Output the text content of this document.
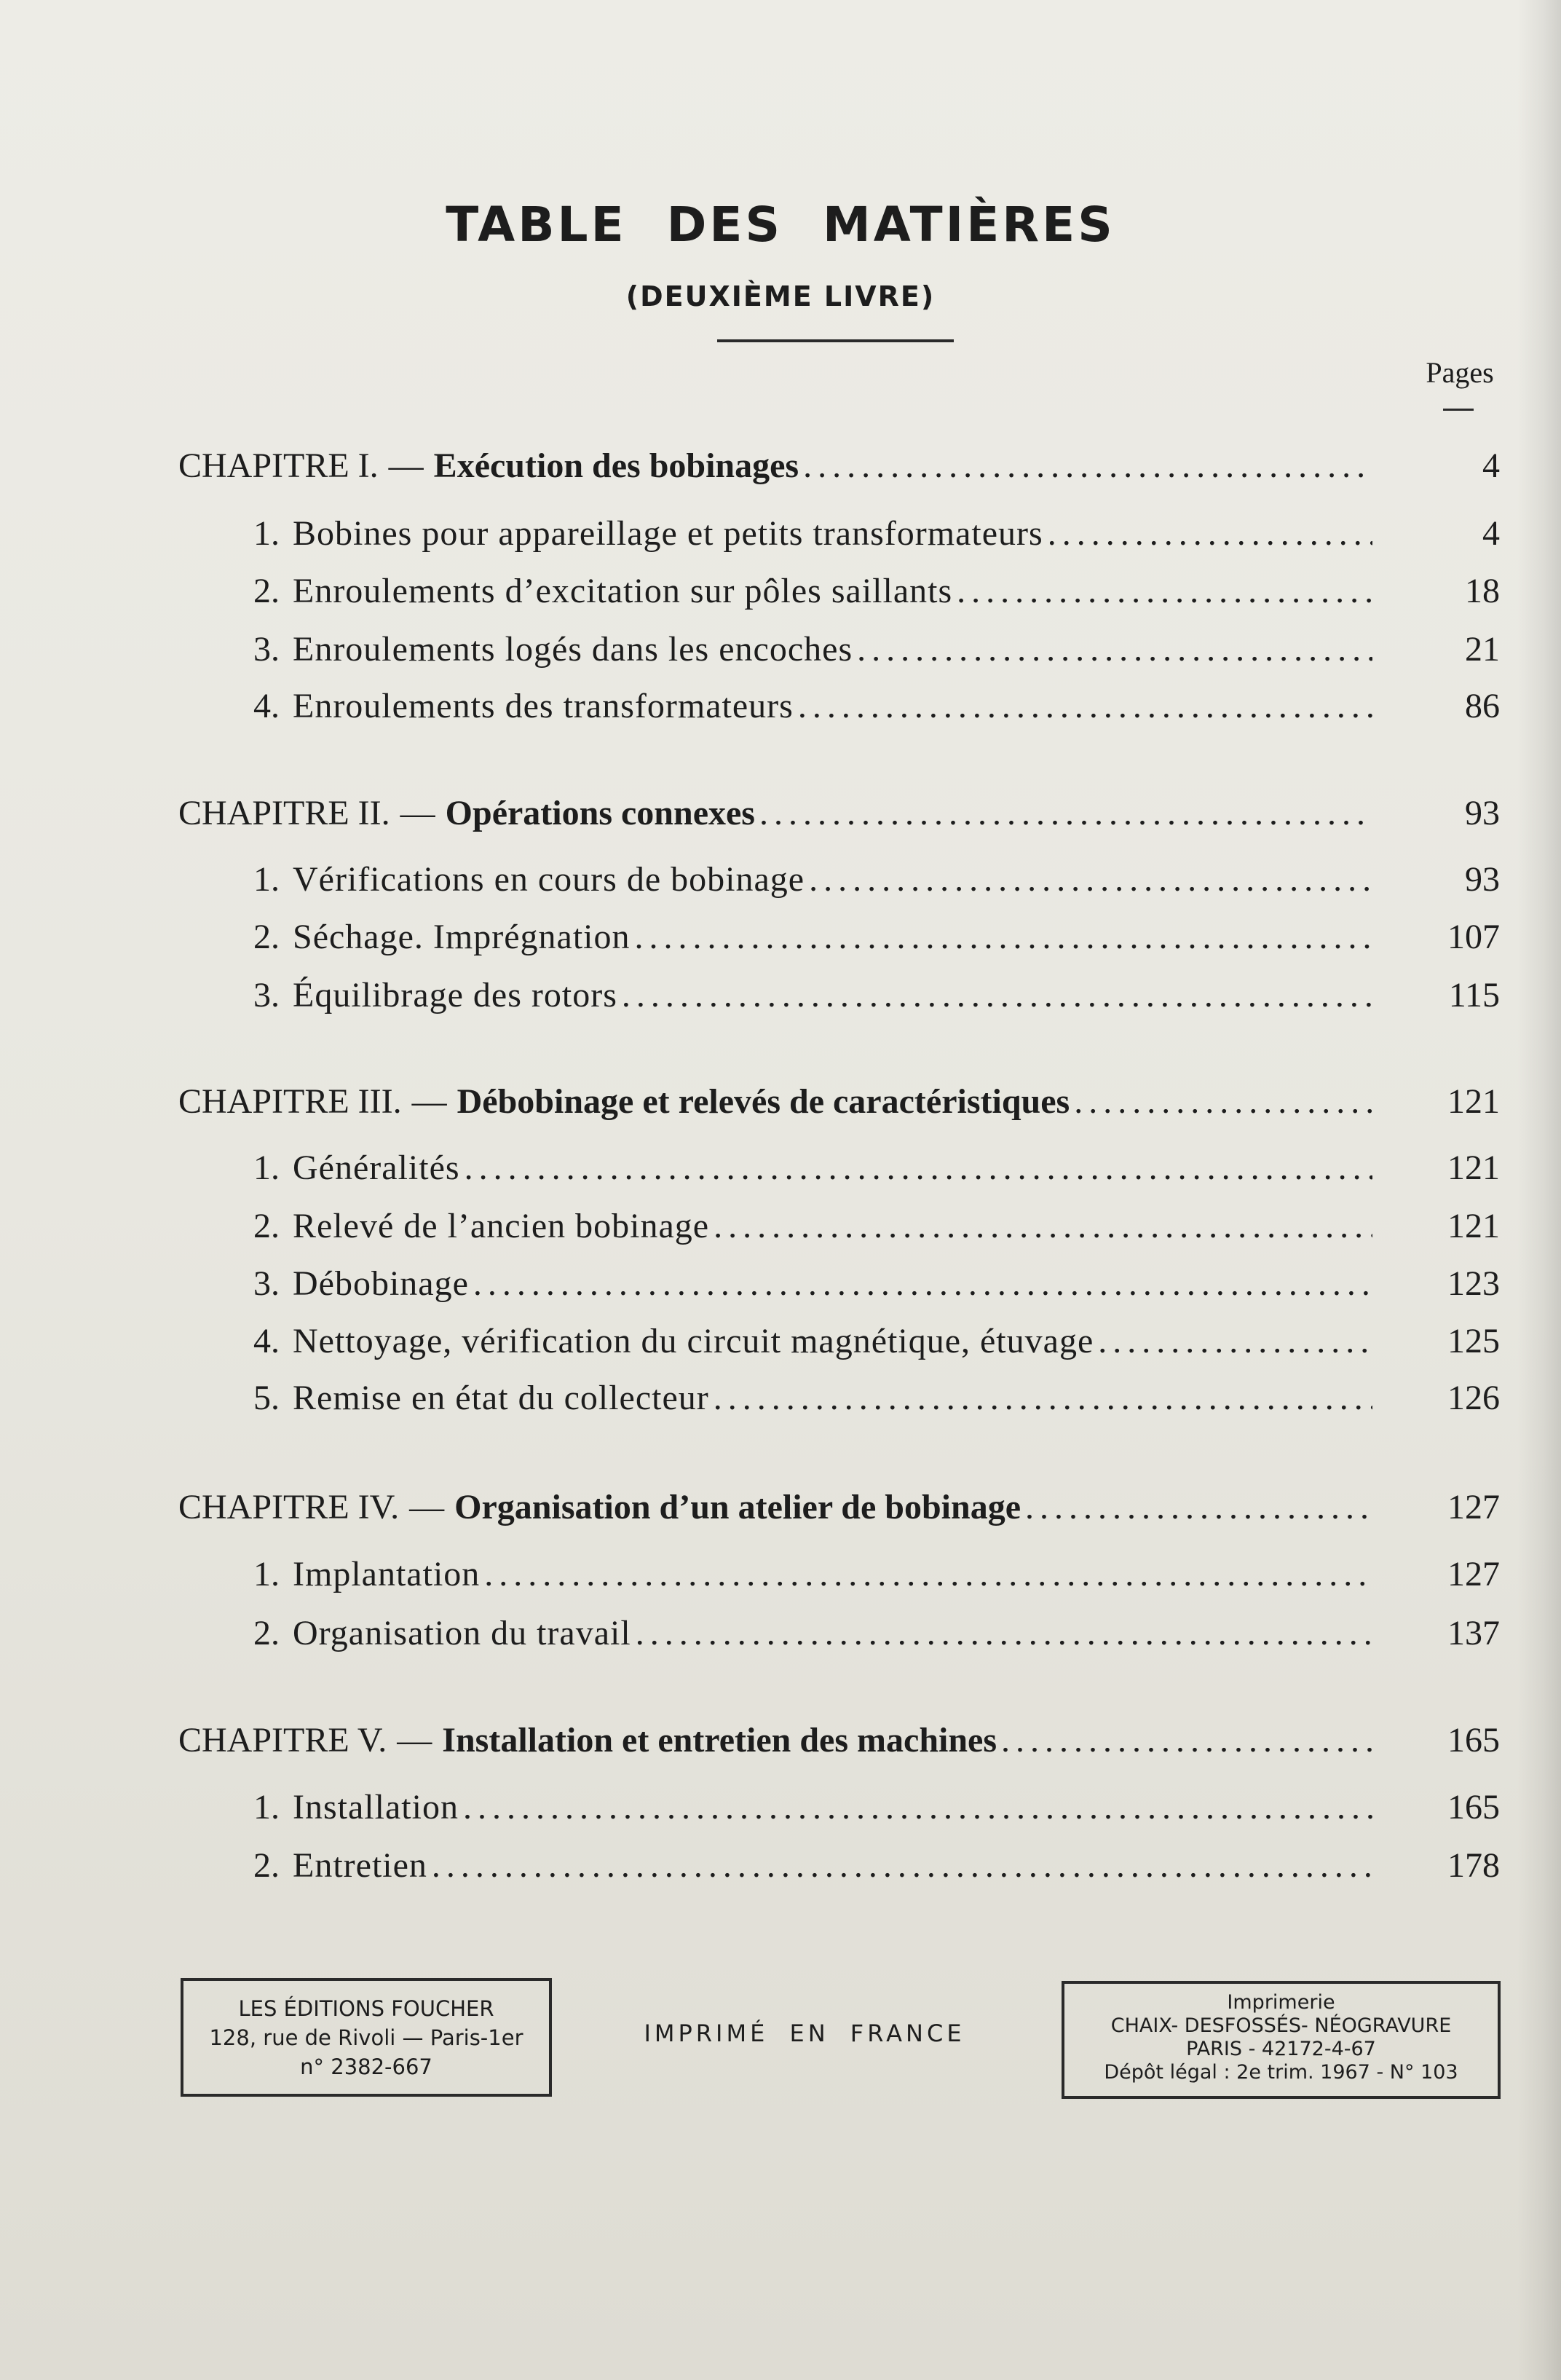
TABLE DES MATIÈRES
(DEUXIÈME LIVRE)
Pages
CHAPITRE I. — Exécution des bobinages . . .	4
1. Bobines pour appareillage et petits transformateurs . . .	4
2. Enroulements d’excitation sur pôles saillants . . .	18
3. Enroulements logés dans les encoches . . .	21
4. Enroulements des transformateurs . . .	86
CHAPITRE II. — Opérations connexes . . .	93
1. Vérifications en cours de bobinage . . .	93
2. Séchage. Imprégnation . . .	107
3. Équilibrage des rotors . . .	115
CHAPITRE III. — Débobinage et relevés de caractéristiques . . .	121
1. Généralités . . .	121
2. Relevé de l’ancien bobinage . . .	121
3. Débobinage . . .	123
4. Nettoyage, vérification du circuit magnétique, étuvage . . .	125
5. Remise en état du collecteur . . .	126
CHAPITRE IV. — Organisation d’un atelier de bobinage . . .	127
1. Implantation . . .	127
2. Organisation du travail . . .	137
CHAPITRE V. — Installation et entretien des machines . . .	165
1. Installation . . .	165
2. Entretien . . .	178
LES ÉDITIONS FOUCHER
128, rue de Rivoli — Paris-1er
n° 2382-667
IMPRIMÉ EN FRANCE
Imprimerie
CHAIX- DESFOSSÉS- NÉOGRAVURE
PARIS - 42172-4-67
Dépôt légal : 2e trim. 1967 - N° 103
